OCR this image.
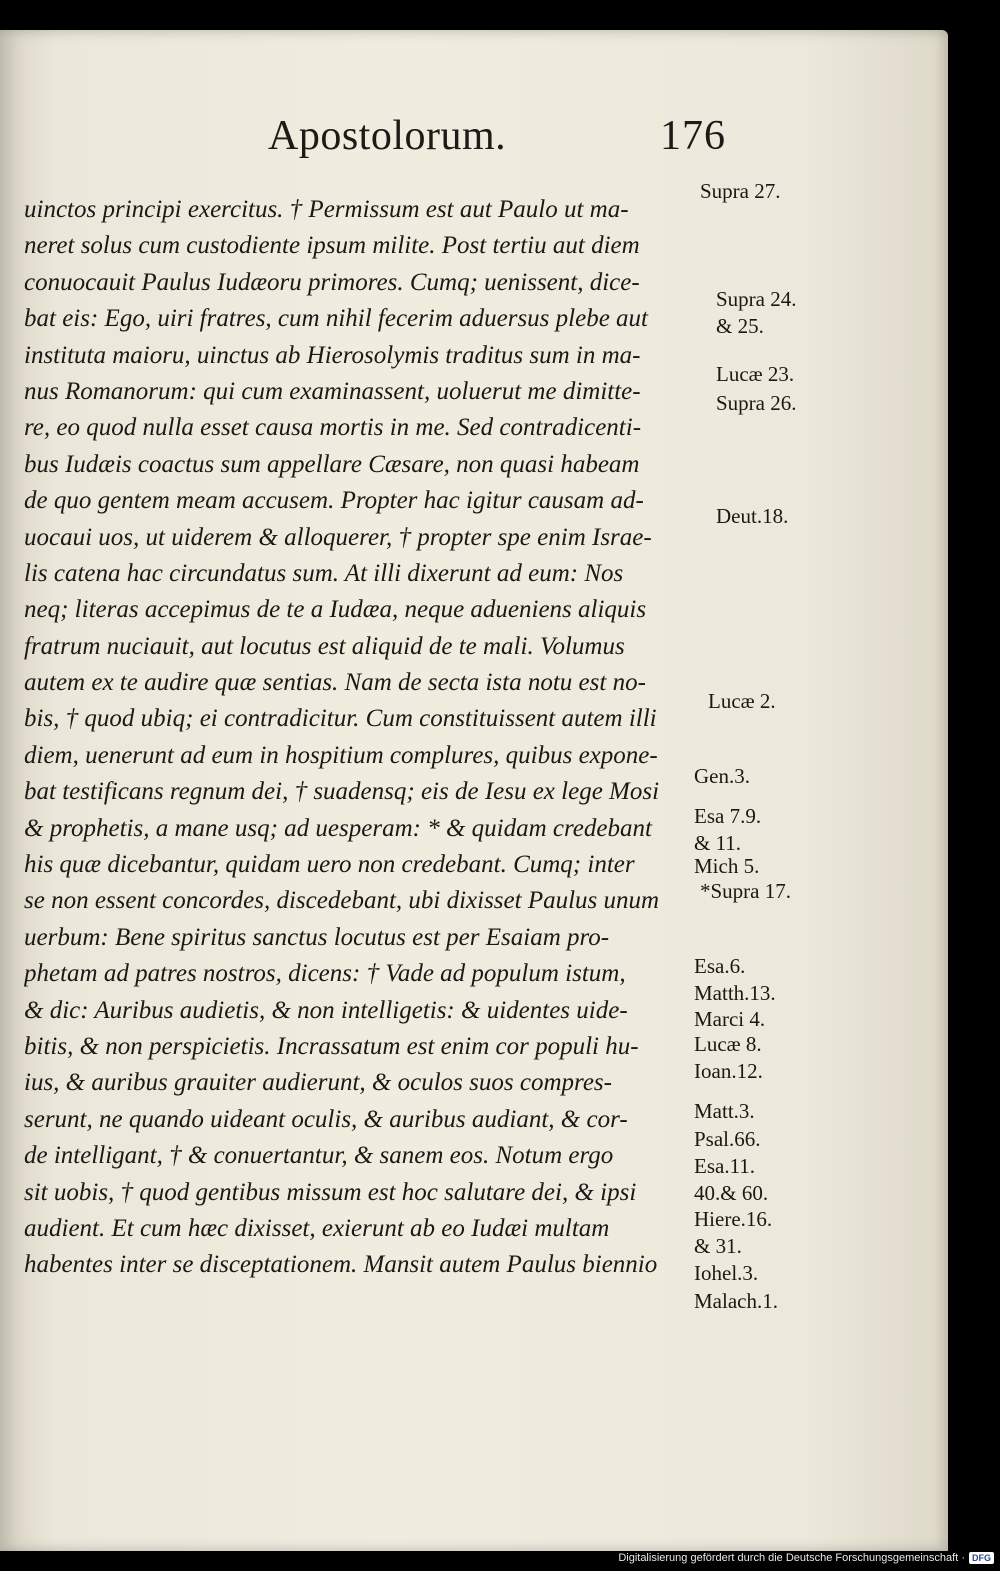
Apostolorum.	176
uinctos principi exercitus. † Permissum est aut Paulo ut ma-
neret solus cum custodiente ipsum milite. Post tertiu aut diem
conuocauit Paulus Iudæoru primores. Cumq; uenissent, dice-
bat eis: Ego, uiri fratres, cum nihil fecerim aduersus plebe aut
instituta maioru, uinctus ab Hierosolymis traditus sum in ma-
nus Romanorum: qui cum examinassent, uoluerut me dimitte-
re, eo quod nulla esset causa mortis in me. Sed contradicenti-
bus Iudæis coactus sum appellare Cæsare, non quasi habeam
de quo gentem meam accusem. Propter hac igitur causam ad-
uocaui uos, ut uiderem & alloquerer, † propter spe enim Israe-
lis catena hac circundatus sum. At illi dixerunt ad eum: Nos
neq; literas accepimus de te a Iudæa, neque adueniens aliquis
fratrum nuciauit, aut locutus est aliquid de te mali. Volumus
autem ex te audire quæ sentias. Nam de secta ista notu est no-
bis, † quod ubiq; ei contradicitur. Cum constituissent autem illi
diem, uenerunt ad eum in hospitium complures, quibus expone-
bat testificans regnum dei, † suadensq; eis de Iesu ex lege Mosi
& prophetis, a mane usq; ad uesperam: * & quidam credebant
his quæ dicebantur, quidam uero non credebant. Cumq; inter
se non essent concordes, discedebant, ubi dixisset Paulus unum
uerbum: Bene spiritus sanctus locutus est per Esaiam pro-
phetam ad patres nostros, dicens: † Vade ad populum istum,
& dic: Auribus audietis, & non intelligetis: & uidentes uide-
bitis, & non perspicietis. Incrassatum est enim cor populi hu-
ius, & auribus grauiter audierunt, & oculos suos compres-
serunt, ne quando uideant oculis, & auribus audiant, & cor-
de intelligant, † & conuertantur, & sanem eos. Notum ergo
sit uobis, † quod gentibus missum est hoc salutare dei, & ipsi
audient. Et cum hæc dixisset, exierunt ab eo Iudæi multam
habentes inter se disceptationem. Mansit autem Paulus biennio
Supra 27.
Supra 24.
& 25.
Lucæ 23.
Supra 26.
Deut.18.
Lucæ 2.
Gen.3.
Esa 7.9.
& 11.
Mich 5.
*Supra 17.
Esa.6.
Matth.13.
Marci 4.
Lucæ 8.
Ioan.12.
Matt.3.
Psal.66.
Esa.11.
40.& 60.
Hiere.16.
& 31.
Iohel.3.
Malach.1.
Digitalisierung gefördert durch die Deutsche Forschungsgemeinschaft · DFG
